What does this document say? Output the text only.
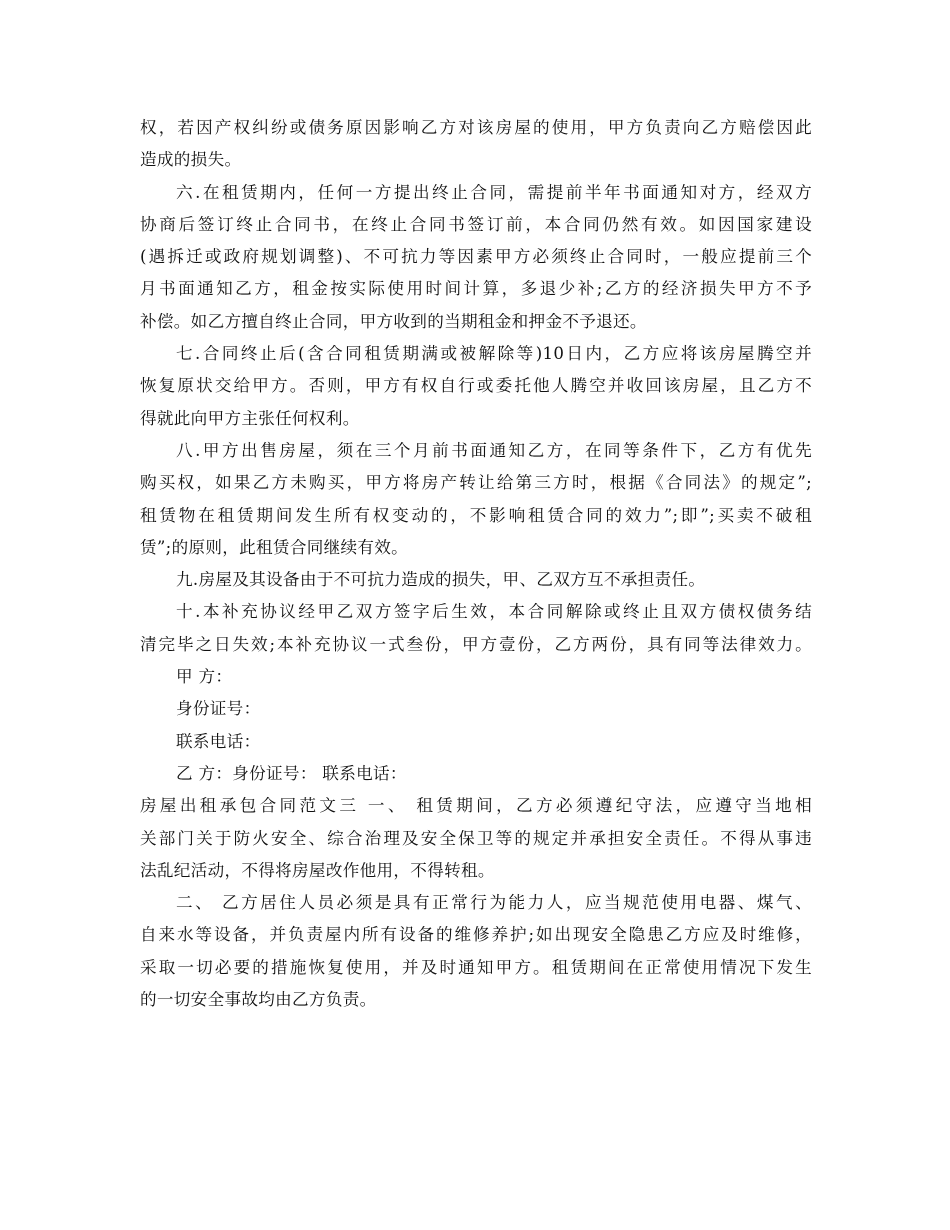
权，若因产权纠纷或债务原因影响乙方对该房屋的使用，甲方负责向乙方赔偿因此
造成的损失。
六.在租赁期内，任何一方提出终止合同，需提前半年书面通知对方，经双方
协商后签订终止合同书，在终止合同书签订前，本合同仍然有效。如因国家建设
(遇拆迁或政府规划调整)、不可抗力等因素甲方必须终止合同时，一般应提前三个
月书面通知乙方，租金按实际使用时间计算，多退少补;乙方的经济损失甲方不予
补偿。如乙方擅自终止合同，甲方收到的当期租金和押金不予退还。
七.合同终止后(含合同租赁期满或被解除等)10日内，乙方应将该房屋腾空并
恢复原状交给甲方。否则，甲方有权自行或委托他人腾空并收回该房屋，且乙方不
得就此向甲方主张任何权利。
八.甲方出售房屋，须在三个月前书面通知乙方，在同等条件下，乙方有优先
购买权，如果乙方未购买，甲方将房产转让给第三方时，根据《合同法》的规定”;
租赁物在租赁期间发生所有权变动的，不影响租赁合同的效力”;即”;买卖不破租
赁”;的原则，此租赁合同继续有效。
九.房屋及其设备由于不可抗力造成的损失，甲、乙双方互不承担责任。
十.本补充协议经甲乙双方签字后生效，本合同解除或终止且双方债权债务结
清完毕之日失效;本补充协议一式叁份，甲方壹份，乙方两份，具有同等法律效力。
甲 方：
身份证号：
联系电话：
乙 方：身份证号： 联系电话：
房屋出租承包合同范文三 一、 租赁期间，乙方必须遵纪守法，应遵守当地相
关部门关于防火安全、综合治理及安全保卫等的规定并承担安全责任。不得从事违
法乱纪活动，不得将房屋改作他用，不得转租。
二、 乙方居住人员必须是具有正常行为能力人，应当规范使用电器、煤气、
自来水等设备，并负责屋内所有设备的维修养护;如出现安全隐患乙方应及时维修，
采取一切必要的措施恢复使用，并及时通知甲方。租赁期间在正常使用情况下发生
的一切安全事故均由乙方负责。
